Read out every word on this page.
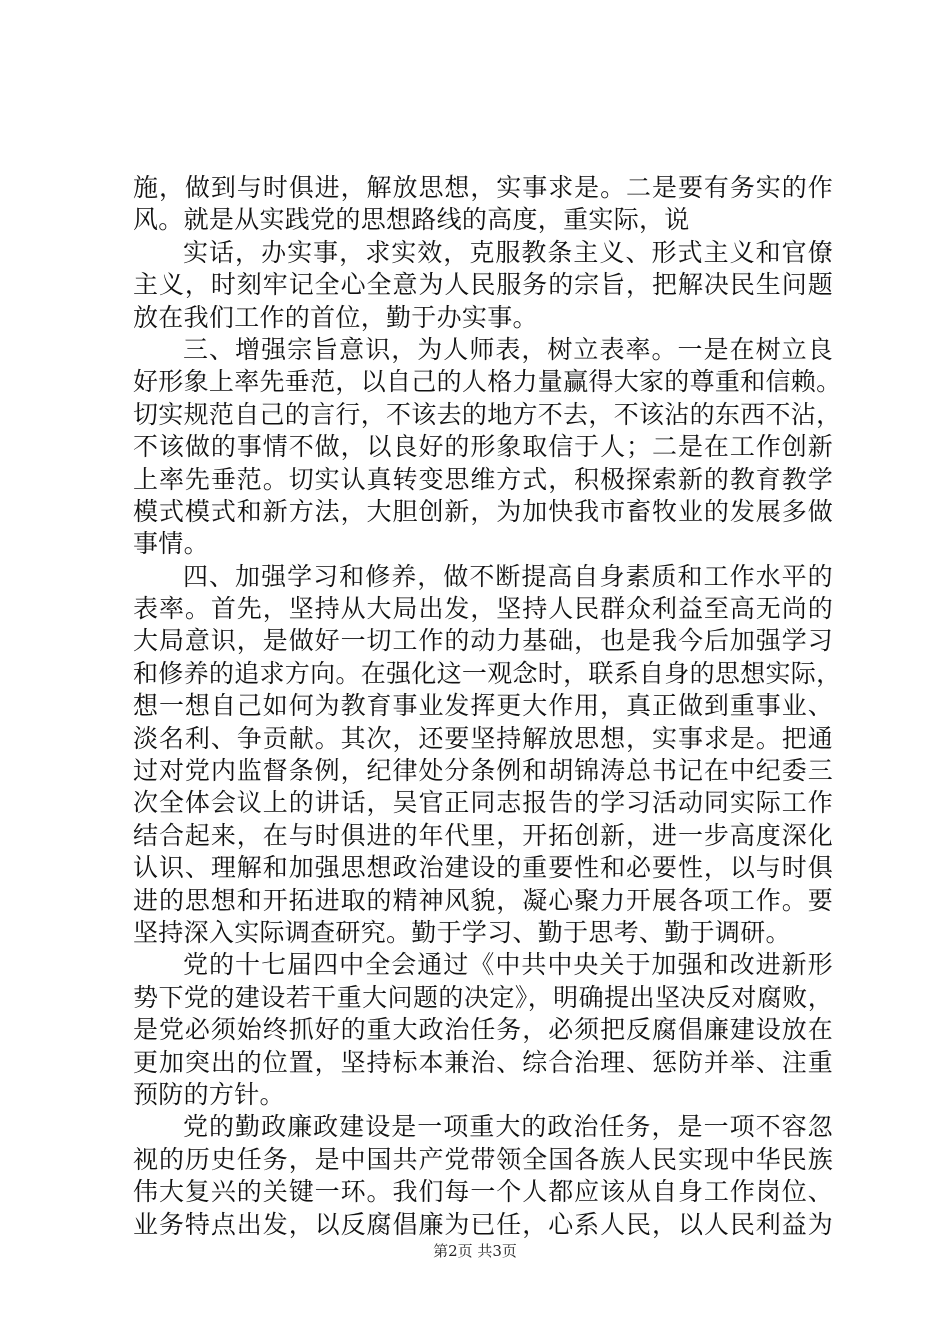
施，做到与时俱进，解放思想，实事求是。二是要有务实的作
风。就是从实践党的思想路线的高度，重实际，说
实话，办实事，求实效，克服教条主义、形式主义和官僚
主义，时刻牢记全心全意为人民服务的宗旨，把解决民生问题
放在我们工作的首位，勤于办实事。
三、增强宗旨意识，为人师表，树立表率。一是在树立良
好形象上率先垂范，以自己的人格力量赢得大家的尊重和信赖。
切实规范自己的言行，不该去的地方不去，不该沾的东西不沾，
不该做的事情不做，以良好的形象取信于人；二是在工作创新
上率先垂范。切实认真转变思维方式，积极探索新的教育教学
模式模式和新方法，大胆创新，为加快我市畜牧业的发展多做
事情。
四、加强学习和修养，做不断提高自身素质和工作水平的
表率。首先，坚持从大局出发，坚持人民群众利益至高无尚的
大局意识，是做好一切工作的动力基础，也是我今后加强学习
和修养的追求方向。在强化这一观念时，联系自身的思想实际，
想一想自己如何为教育事业发挥更大作用，真正做到重事业、
淡名利、争贡献。其次，还要坚持解放思想，实事求是。把通
过对党内监督条例，纪律处分条例和胡锦涛总书记在中纪委三
次全体会议上的讲话，吴官正同志报告的学习活动同实际工作
结合起来，在与时俱进的年代里，开拓创新，进一步高度深化
认识、理解和加强思想政治建设的重要性和必要性，以与时俱
进的思想和开拓进取的精神风貌，凝心聚力开展各项工作。要
坚持深入实际调查研究。勤于学习、勤于思考、勤于调研。
党的十七届四中全会通过《中共中央关于加强和改进新形
势下党的建设若干重大问题的决定》，明确提出坚决反对腐败，
是党必须始终抓好的重大政治任务，必须把反腐倡廉建设放在
更加突出的位置，坚持标本兼治、综合治理、惩防并举、注重
预防的方针。
党的勤政廉政建设是一项重大的政治任务，是一项不容忽
视的历史任务，是中国共产党带领全国各族人民实现中华民族
伟大复兴的关键一环。我们每一个人都应该从自身工作岗位、
业务特点出发，以反腐倡廉为已任，心系人民，以人民利益为
第2页 共3页
